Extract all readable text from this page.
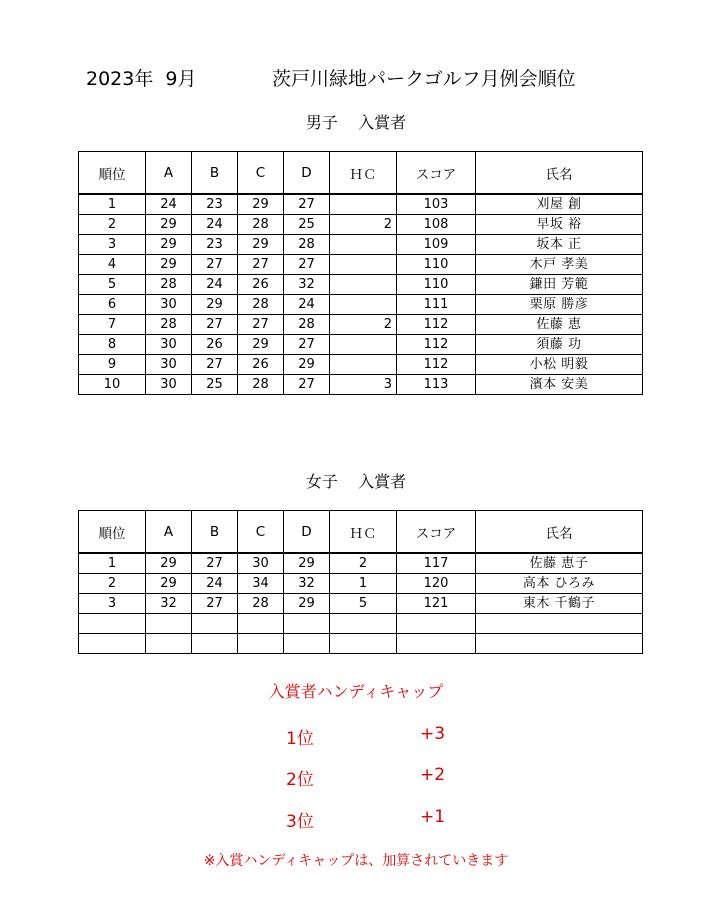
2023年  9月	茨戸川緑地パークゴルフ月例会順位
男子    入賞者
順位	A	B	C	D	ＨＣ	スコア	氏名
1	24	23	29	27		103	刈屋 創
2	29	24	28	25	2	108	早坂 裕
3	29	23	29	28		109	坂本 正
4	29	27	27	27		110	木戸 孝美
5	28	24	26	32		110	鎌田 芳範
6	30	29	28	24		111	栗原 勝彦
7	28	27	27	28	2	112	佐藤 恵
8	30	26	29	27		112	須藤 功
9	30	27	26	29		112	小松 明毅
10	30	25	28	27	3	113	濱本 安美
女子    入賞者
順位	A	B	C	D	ＨＣ	スコア	氏名
1	29	27	30	29	2	117	佐藤 恵子
2	29	24	34	32	1	120	高本 ひろみ
3	32	27	28	29	5	121	東木 千鶴子

入賞者ハンディキャップ
1位	+3
2位	+2
3位	+1
※入賞ハンディキャップは、加算されていきます
